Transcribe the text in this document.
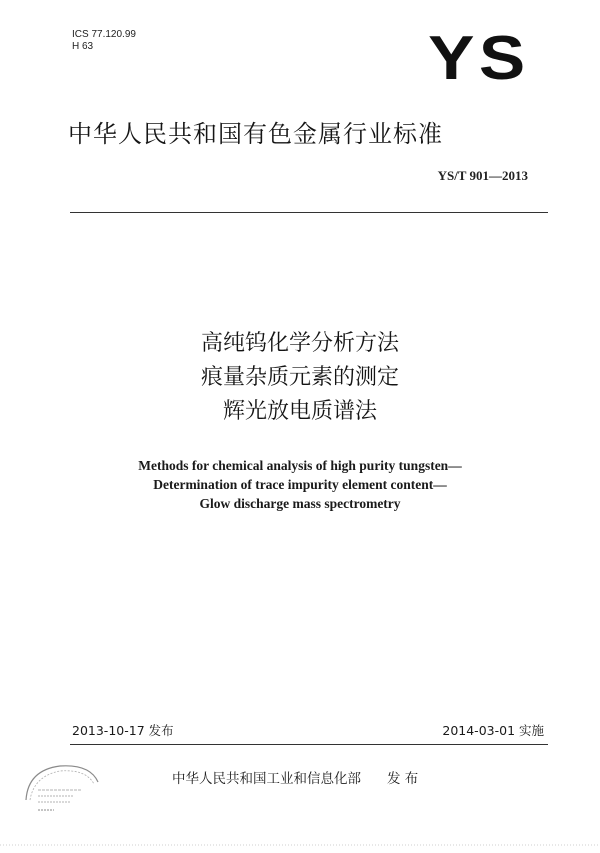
ICS 77.120.99
H 63	YS
中华人民共和国有色金属行业标准
YS/T 901—2013
高纯钨化学分析方法
痕量杂质元素的测定
辉光放电质谱法
Methods for chemical analysis of high purity tungsten—
Determination of trace impurity element content—
Glow discharge mass spectrometry
2013-10-17 发布	2014-03-01 实施
中华人民共和国工业和信息化部 发 布
